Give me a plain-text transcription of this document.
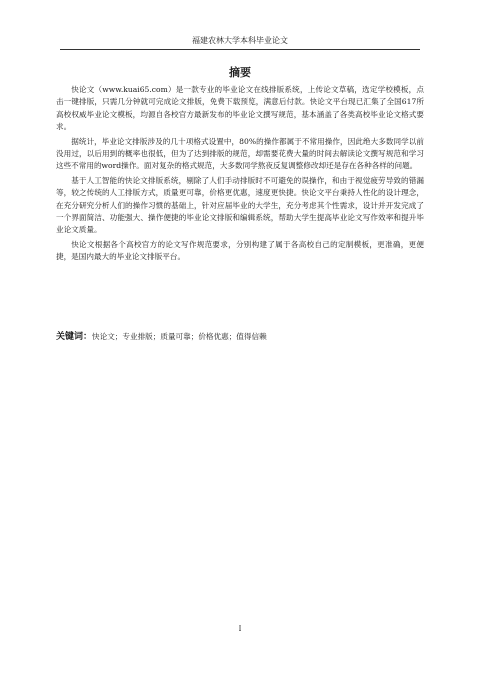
福建农林大学本科毕业论文
摘要

快论文（www.kuai65.com）是一款专业的毕业论文在线排版系统，上传论文草稿，选定学校模板，点击一键排版，只需几分钟就可完成论文排版，免费下载预览，满意后付款。快论文平台现已汇集了全国617所高校权威毕业论文模板，均源自各校官方最新发布的毕业论文撰写规范，基本涵盖了各类高校毕业论文格式要求。

据统计，毕业论文排版涉及的几十项格式设置中，80%的操作都属于不常用操作，因此绝大多数同学以前没用过，以后用到的概率也很低，但为了达到排版的规范，却需要花费大量的时间去解读论文撰写规范和学习这些不常用的word操作。面对复杂的格式规范，大多数同学熬夜反复调整修改却还是存在各种各样的问题。

基于人工智能的快论文排版系统，剔除了人们手动排版时不可避免的误操作，和由于视觉疲劳导致的错漏等，较之传统的人工排版方式，质量更可靠，价格更优惠，速度更快捷。快论文平台秉持人性化的设计理念，在充分研究分析人们的操作习惯的基础上，针对应届毕业的大学生，充分考虑其个性需求，设计并开发完成了一个界面简洁、功能强大、操作便捷的毕业论文排版和编辑系统，帮助大学生提高毕业论文写作效率和提升毕业论文质量。

快论文根据各个高校官方的论文写作规范要求，分别构建了属于各高校自己的定制模板，更准确，更便捷，是国内最大的毕业论文排版平台。

关键词：快论文；专业排版；质量可靠；价格优惠；值得信赖
I
